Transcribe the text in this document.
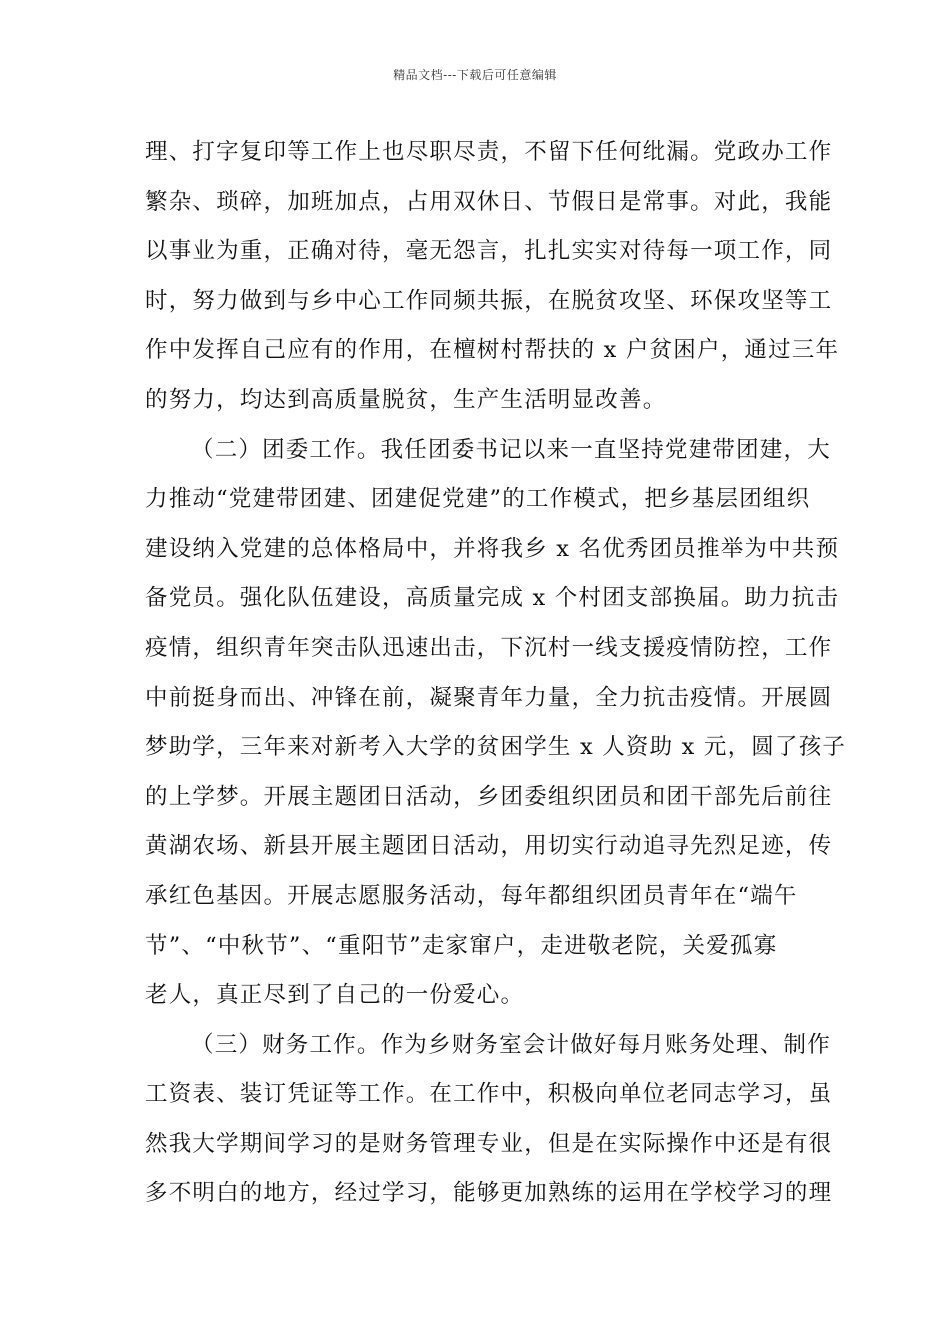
精品文档---下载后可任意编辑
理、打字复印等工作上也尽职尽责，不留下任何纰漏。党政办工作
繁杂、琐碎，加班加点，占用双休日、节假日是常事。对此，我能
以事业为重，正确对待，毫无怨言，扎扎实实对待每一项工作，同
时，努力做到与乡中心工作同频共振，在脱贫攻坚、环保攻坚等工
作中发挥自己应有的作用，在檀树村帮扶的 x 户贫困户，通过三年
的努力，均达到高质量脱贫，生产生活明显改善。
（二）团委工作。我任团委书记以来一直坚持党建带团建，大
力推动“党建带团建、团建促党建”的工作模式，把乡基层团组织
建设纳入党建的总体格局中，并将我乡 x 名优秀团员推举为中共预
备党员。强化队伍建设，高质量完成 x 个村团支部换届。助力抗击
疫情，组织青年突击队迅速出击，下沉村一线支援疫情防控，工作
中前挺身而出、冲锋在前，凝聚青年力量，全力抗击疫情。开展圆
梦助学，三年来对新考入大学的贫困学生 x 人资助 x 元，圆了孩子
的上学梦。开展主题团日活动，乡团委组织团员和团干部先后前往
黄湖农场、新县开展主题团日活动，用切实行动追寻先烈足迹，传
承红色基因。开展志愿服务活动，每年都组织团员青年在“端午
节”、“中秋节”、“重阳节”走家窜户，走进敬老院，关爱孤寡
老人，真正尽到了自己的一份爱心。
（三）财务工作。作为乡财务室会计做好每月账务处理、制作
工资表、装订凭证等工作。在工作中，积极向单位老同志学习，虽
然我大学期间学习的是财务管理专业，但是在实际操作中还是有很
多不明白的地方，经过学习，能够更加熟练的运用在学校学习的理
